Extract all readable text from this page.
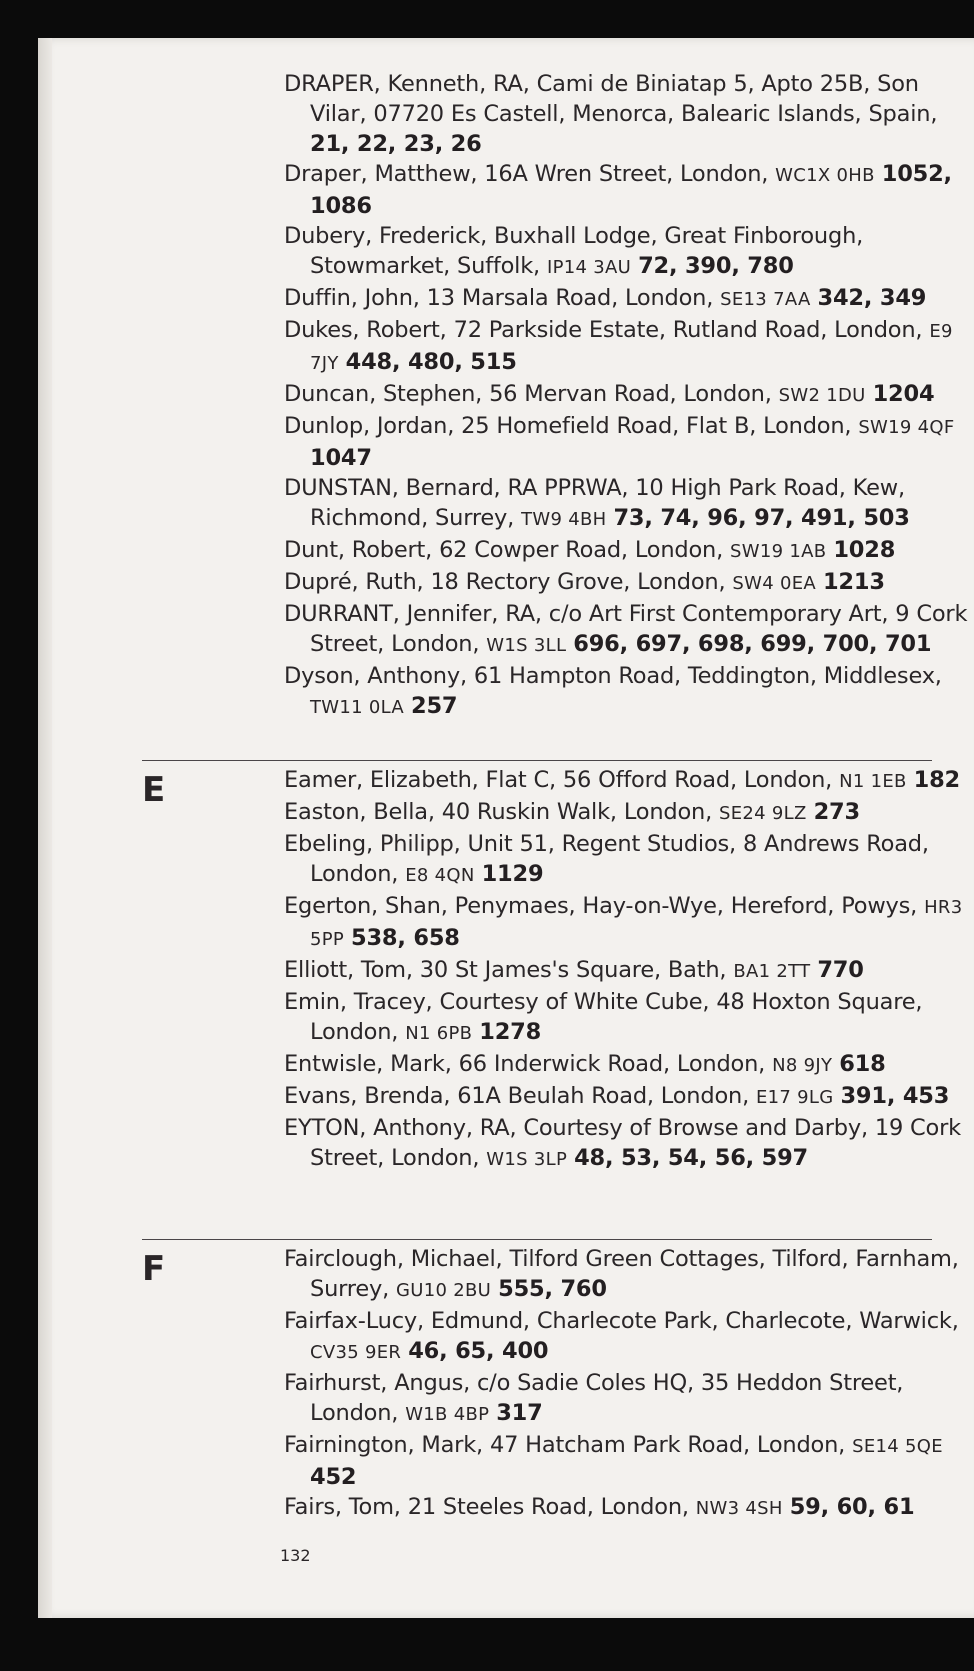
DRAPER, Kenneth, RA, Cami de Biniatap 5, Apto 25B, Son Vilar, 07720 Es Castell, Menorca, Balearic Islands, Spain, 21, 22, 23, 26
Draper, Matthew, 16A Wren Street, London, WC1X 0HB 1052, 1086
Dubery, Frederick, Buxhall Lodge, Great Finborough, Stowmarket, Suffolk, IP14 3AU 72, 390, 780
Duffin, John, 13 Marsala Road, London, SE13 7AA 342, 349
Dukes, Robert, 72 Parkside Estate, Rutland Road, London, E9 7JY 448, 480, 515
Duncan, Stephen, 56 Mervan Road, London, SW2 1DU 1204
Dunlop, Jordan, 25 Homefield Road, Flat B, London, SW19 4QF 1047
DUNSTAN, Bernard, RA PPRWA, 10 High Park Road, Kew, Richmond, Surrey, TW9 4BH 73, 74, 96, 97, 491, 503
Dunt, Robert, 62 Cowper Road, London, SW19 1AB 1028
Dupré, Ruth, 18 Rectory Grove, London, SW4 0EA 1213
DURRANT, Jennifer, RA, c/o Art First Contemporary Art, 9 Cork Street, London, W1S 3LL 696, 697, 698, 699, 700, 701
Dyson, Anthony, 61 Hampton Road, Teddington, Middlesex, TW11 0LA 257
E	Eamer, Elizabeth, Flat C, 56 Offord Road, London, N1 1EB 182
Easton, Bella, 40 Ruskin Walk, London, SE24 9LZ 273
Ebeling, Philipp, Unit 51, Regent Studios, 8 Andrews Road, London, E8 4QN 1129
Egerton, Shan, Penymaes, Hay-on-Wye, Hereford, Powys, HR3 5PP 538, 658
Elliott, Tom, 30 St James's Square, Bath, BA1 2TT 770
Emin, Tracey, Courtesy of White Cube, 48 Hoxton Square, London, N1 6PB 1278
Entwisle, Mark, 66 Inderwick Road, London, N8 9JY 618
Evans, Brenda, 61A Beulah Road, London, E17 9LG 391, 453
EYTON, Anthony, RA, Courtesy of Browse and Darby, 19 Cork Street, London, W1S 3LP 48, 53, 54, 56, 597
F	Fairclough, Michael, Tilford Green Cottages, Tilford, Farnham, Surrey, GU10 2BU 555, 760
Fairfax-Lucy, Edmund, Charlecote Park, Charlecote, Warwick, CV35 9ER 46, 65, 400
Fairhurst, Angus, c/o Sadie Coles HQ, 35 Heddon Street, London, W1B 4BP 317
Fairnington, Mark, 47 Hatcham Park Road, London, SE14 5QE 452
Fairs, Tom, 21 Steeles Road, London, NW3 4SH 59, 60, 61
132
